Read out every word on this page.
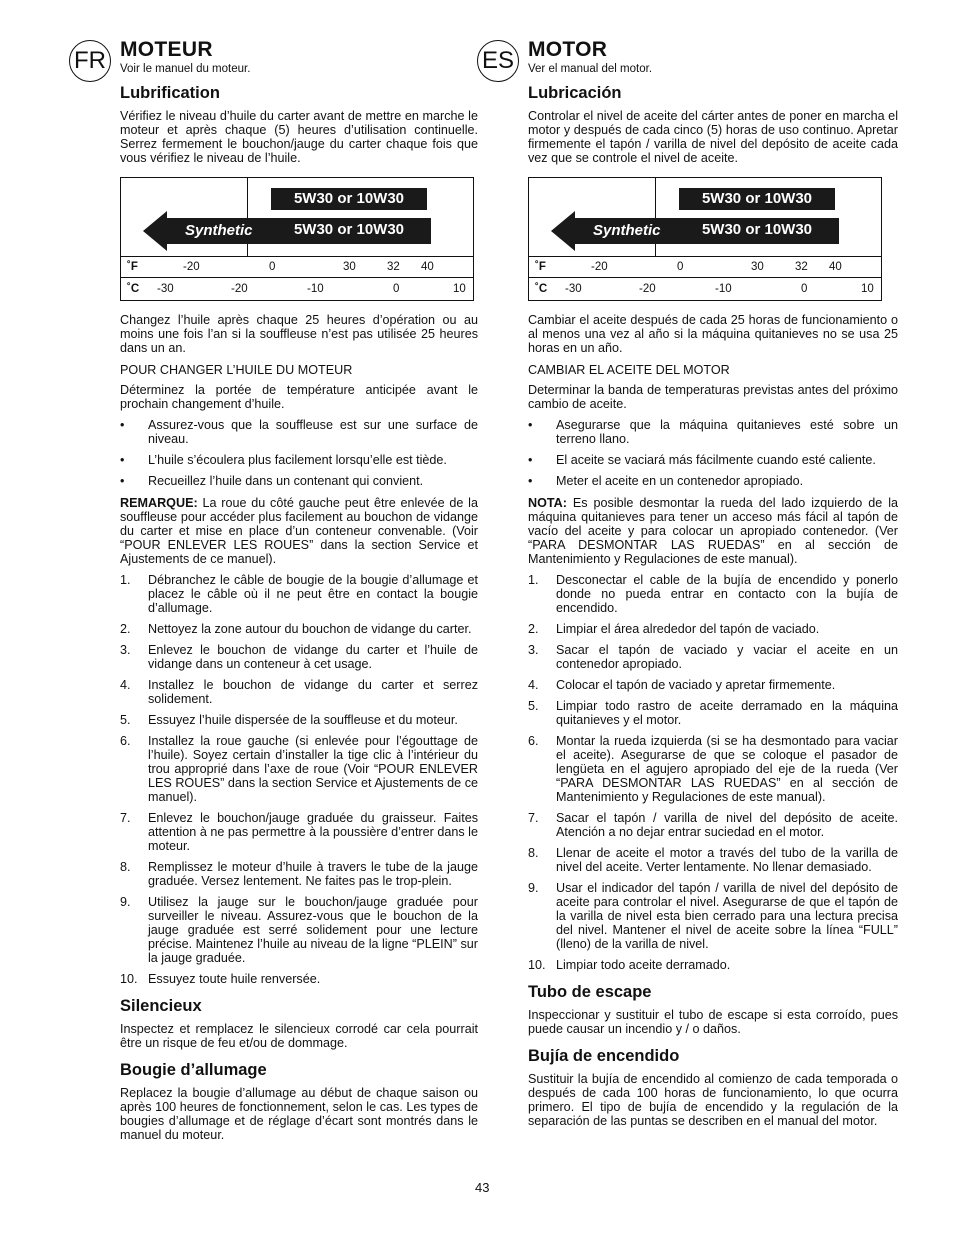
FR	ES
MOTEUR

Voir le manuel du moteur.

Lubrification

Vérifiez le niveau d’huile du carter avant de mettre en marche le moteur et après chaque (5) heures d’utilisation continuelle. Serrez fermement le bouchon/jauge du carter chaque fois que vous vérifiez le niveau de l’huile.

5W30 or 10W30
Synthetic	5W30 or 10W30
˚F
˚C
-20	0	30	32 40
-30	-20	-10	0	10

Changez l’huile après chaque 25 heures d’opération ou au moins une fois l’an si la souffleuse n’est pas utilisée 25 heures dans un an.

POUR CHANGER L’HUILE DU MOTEUR

Déterminez la portée de température anticipée avant le prochain changement d’huile.

• Assurez-vous que la souffleuse est sur une surface de niveau.
• L’huile s’écoulera plus facilement lorsqu’elle est tiède.
• Recueillez l’huile dans un contenant qui convient.

REMARQUE: La roue du côté gauche peut être enlevée de la souffleuse pour accéder plus facilement au bouchon de vidange du carter et mise en place d’un conteneur convenable. (Voir “POUR ENLEVER LES ROUES” dans la section Service et Ajustements de ce manuel).

1. Débranchez le câble de bougie de la bougie d’allumage et placez le câble où il ne peut être en contact la bougie d’allumage.
2. Nettoyez la zone autour du bouchon de vidange du carter.
3. Enlevez le bouchon de vidange du carter et l’huile de vidange dans un conteneur à cet usage.
4. Installez le bouchon de vidange du carter et serrez solidement.
5. Essuyez l’huile dispersée de la souffleuse et du moteur.
6. Installez la roue gauche (si enlevée pour l’égouttage de l’huile). Soyez certain d’installer la tige clic à l’intérieur du trou approprié dans l’axe de roue (Voir “POUR ENLEVER LES ROUES” dans la section Service et Ajustements de ce manuel).
7. Enlevez le bouchon/jauge graduée du graisseur. Faites attention à ne pas permettre à la poussière d’entrer dans le moteur.
8. Remplissez le moteur d’huile à travers le tube de la jauge graduée. Versez lentement. Ne faites pas le trop-plein.
9. Utilisez la jauge sur le bouchon/jauge graduée pour surveiller le niveau. Assurez-vous que le bouchon de la jauge graduée est serré solidement pour une lecture précise. Maintenez l’huile au niveau de la ligne “PLEIN” sur la jauge graduée.
10. Essuyez toute huile renversée.
Silencieux

Inspectez et remplacez le silencieux corrodé car cela pourrait être un risque de feu et/ou de dommage.

Bougie d’allumage

Replacez la bougie d’allumage au début de chaque saison ou après 100 heures de fonctionnement, selon le cas. Les types de bougies d’allumage et de réglage d’écart sont montrés dans le manuel du moteur.

MOTOR

Ver el manual del motor.

Lubricación

Controlar el nivel de aceite del cárter antes de poner en marcha el motor y después de cada cinco (5) horas de uso continuo. Apretar firmemente el tapón / varilla de nivel del depósito de aceite cada vez que se controle el nivel de aceite.

5W30 or 10W30
Synthetic	5W30 or 10W30
˚F
˚C
-20	0	30	32 40
-30	-20	-10	0	10

Cambiar el aceite después de cada 25 horas de funcionamiento o al menos una vez al año si la máquina quitanieves no se usa 25 horas en un año.

CAMBIAR EL ACEITE DEL MOTOR

Determinar la banda de temperaturas previstas antes del próximo cambio de aceite.

• Asegurarse que la máquina quitanieves esté sobre un terreno llano.
• El aceite se vaciará más fácilmente cuando esté caliente.
• Meter el aceite en un contenedor apropiado.

NOTA: Es posible desmontar la rueda del lado izquierdo de la máquina quitanieves para tener un acceso más fácil al tapón de vacío del aceite y para colocar un apropiado contenedor. (Ver “PARA DESMONTAR LAS RUEDAS” en al sección de Mantenimiento y Regulaciones de este manual).

1. Desconectar el cable de la bujía de encendido y ponerlo donde no pueda entrar en contacto con la bujía de encendido.
2. Limpiar el área alrededor del tapón de vaciado.
3. Sacar el tapón de vaciado y vaciar el aceite en un contenedor apropiado.
4. Colocar el tapón de vaciado y apretar firmemente.
5. Limpiar todo rastro de aceite derramado en la máquina quitanieves y el motor.
6. Montar la rueda izquierda (si se ha desmontado para vaciar el aceite). Asegurarse de que se coloque el pasador de lengüeta en el agujero apropiado del eje de la rueda (Ver “PARA DESMONTAR LAS RUEDAS” en al sección de Mantenimiento y Regulaciones de este manual).
7. Sacar el tapón / varilla de nivel del depósito de aceite. Atención a no dejar entrar suciedad en el motor.
8. Llenar de aceite el motor a través del tubo de la varilla de nivel del aceite. Verter lentamente. No llenar demasiado.
9. Usar el indicador del tapón / varilla de nivel del depósito de aceite para controlar el nivel. Asegurarse de que el tapón de la varilla de nivel esta bien cerrado para una lectura precisa del nivel. Mantener el nivel de aceite sobre la línea “FULL” (lleno) de la varilla de nivel.
10. Limpiar todo aceite derramado.
Tubo de escape

Inspeccionar y sustituir el tubo de escape si esta corroído, pues puede causar un incendio y / o daños.

Bujía de encendido

Sustituir la bujía de encendido al comienzo de cada temporada o después de cada 100 horas de funcionamiento, lo que ocurra primero. El tipo de bujía de encendido y la regulación de la separación de las puntas se describen en el manual del motor.

43
